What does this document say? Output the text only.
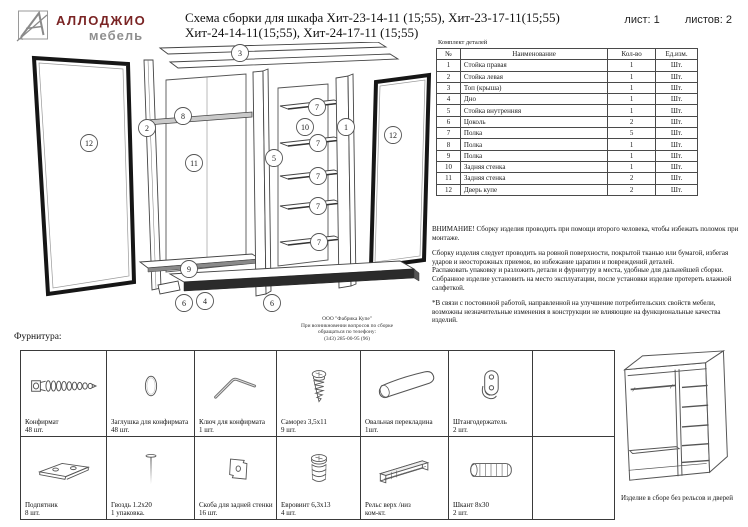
АЛЛОДЖИО
мебель
Схема сборки для шкафа Хит-23-14-11 (15;55), Хит-23-17-11(15;55)
Хит-24-14-11(15;55), Хит-24-17-11 (15;55)
лист: 1 листов: 2
3
12
2
8
11
5
10	1
12
7
7
7
7
7
9
6 4	6
ООО "Фабрика Купе"
При возникновении вопросов по сборке
обращаться по телефону:
(343) 285-00-95 (96)
Комплект деталей
№	Наименование	Кол-во	Ед.изм.
1	Стойка правая	1	Шт.
2	Стойка левая	1	Шт.
3	Топ (крыша)	1	Шт.
4	Дно	1	Шт.
5	Стойка внутренняя	1	Шт.
6	Цоколь	2	Шт.
7	Полка	5	Шт.
8	Полка	1	Шт.
9	Полка	1	Шт.
10	Задняя стенка	1	Шт.
11	Задняя стенка	2	Шт.
12	Дверь купе	2	Шт.

ВНИМАНИЕ! Сборку изделия проводить при помощи второго человека, чтобы избежать поломок при монтаже.

Сборку изделия следует проводить на ровной поверхности, покрытой тканью или бумагой, избегая ударов и неосторожных приемов, во избежание царапин и повреждений деталей.

Распаковать упаковку и разложить детали и фурнитуру в места, удобные для дальнейшей сборки.

Собранное изделие установить на место эксплуатации, после установки изделие протереть влажной салфеткой.

*В связи с постоянной работой, направленной на улучшение потребительских свойств мебели, возможны незначительные изменения в конструкции не влияющие на функциональные качества изделий.

Фурнитура:
Конфирмат
48 шт.
Заглушка для конфирмата
48 шт.
Ключ для конфирмата
1 шт.
Саморез 3,5х11
9 шт.
Овальная перекладина
1шт.
Штангодержатель
2 шт.
Подпятник
8 шт.
Гвоздь 1.2х20
1 упаковка.
Скоба для задней стенки
16 шт.
Евровинт 6,3х13
4 шт.
Рельс верх /низ
ком-кт.
Шкант 8х30
2 шт.
Изделие в сборе без рельсов и дверей
